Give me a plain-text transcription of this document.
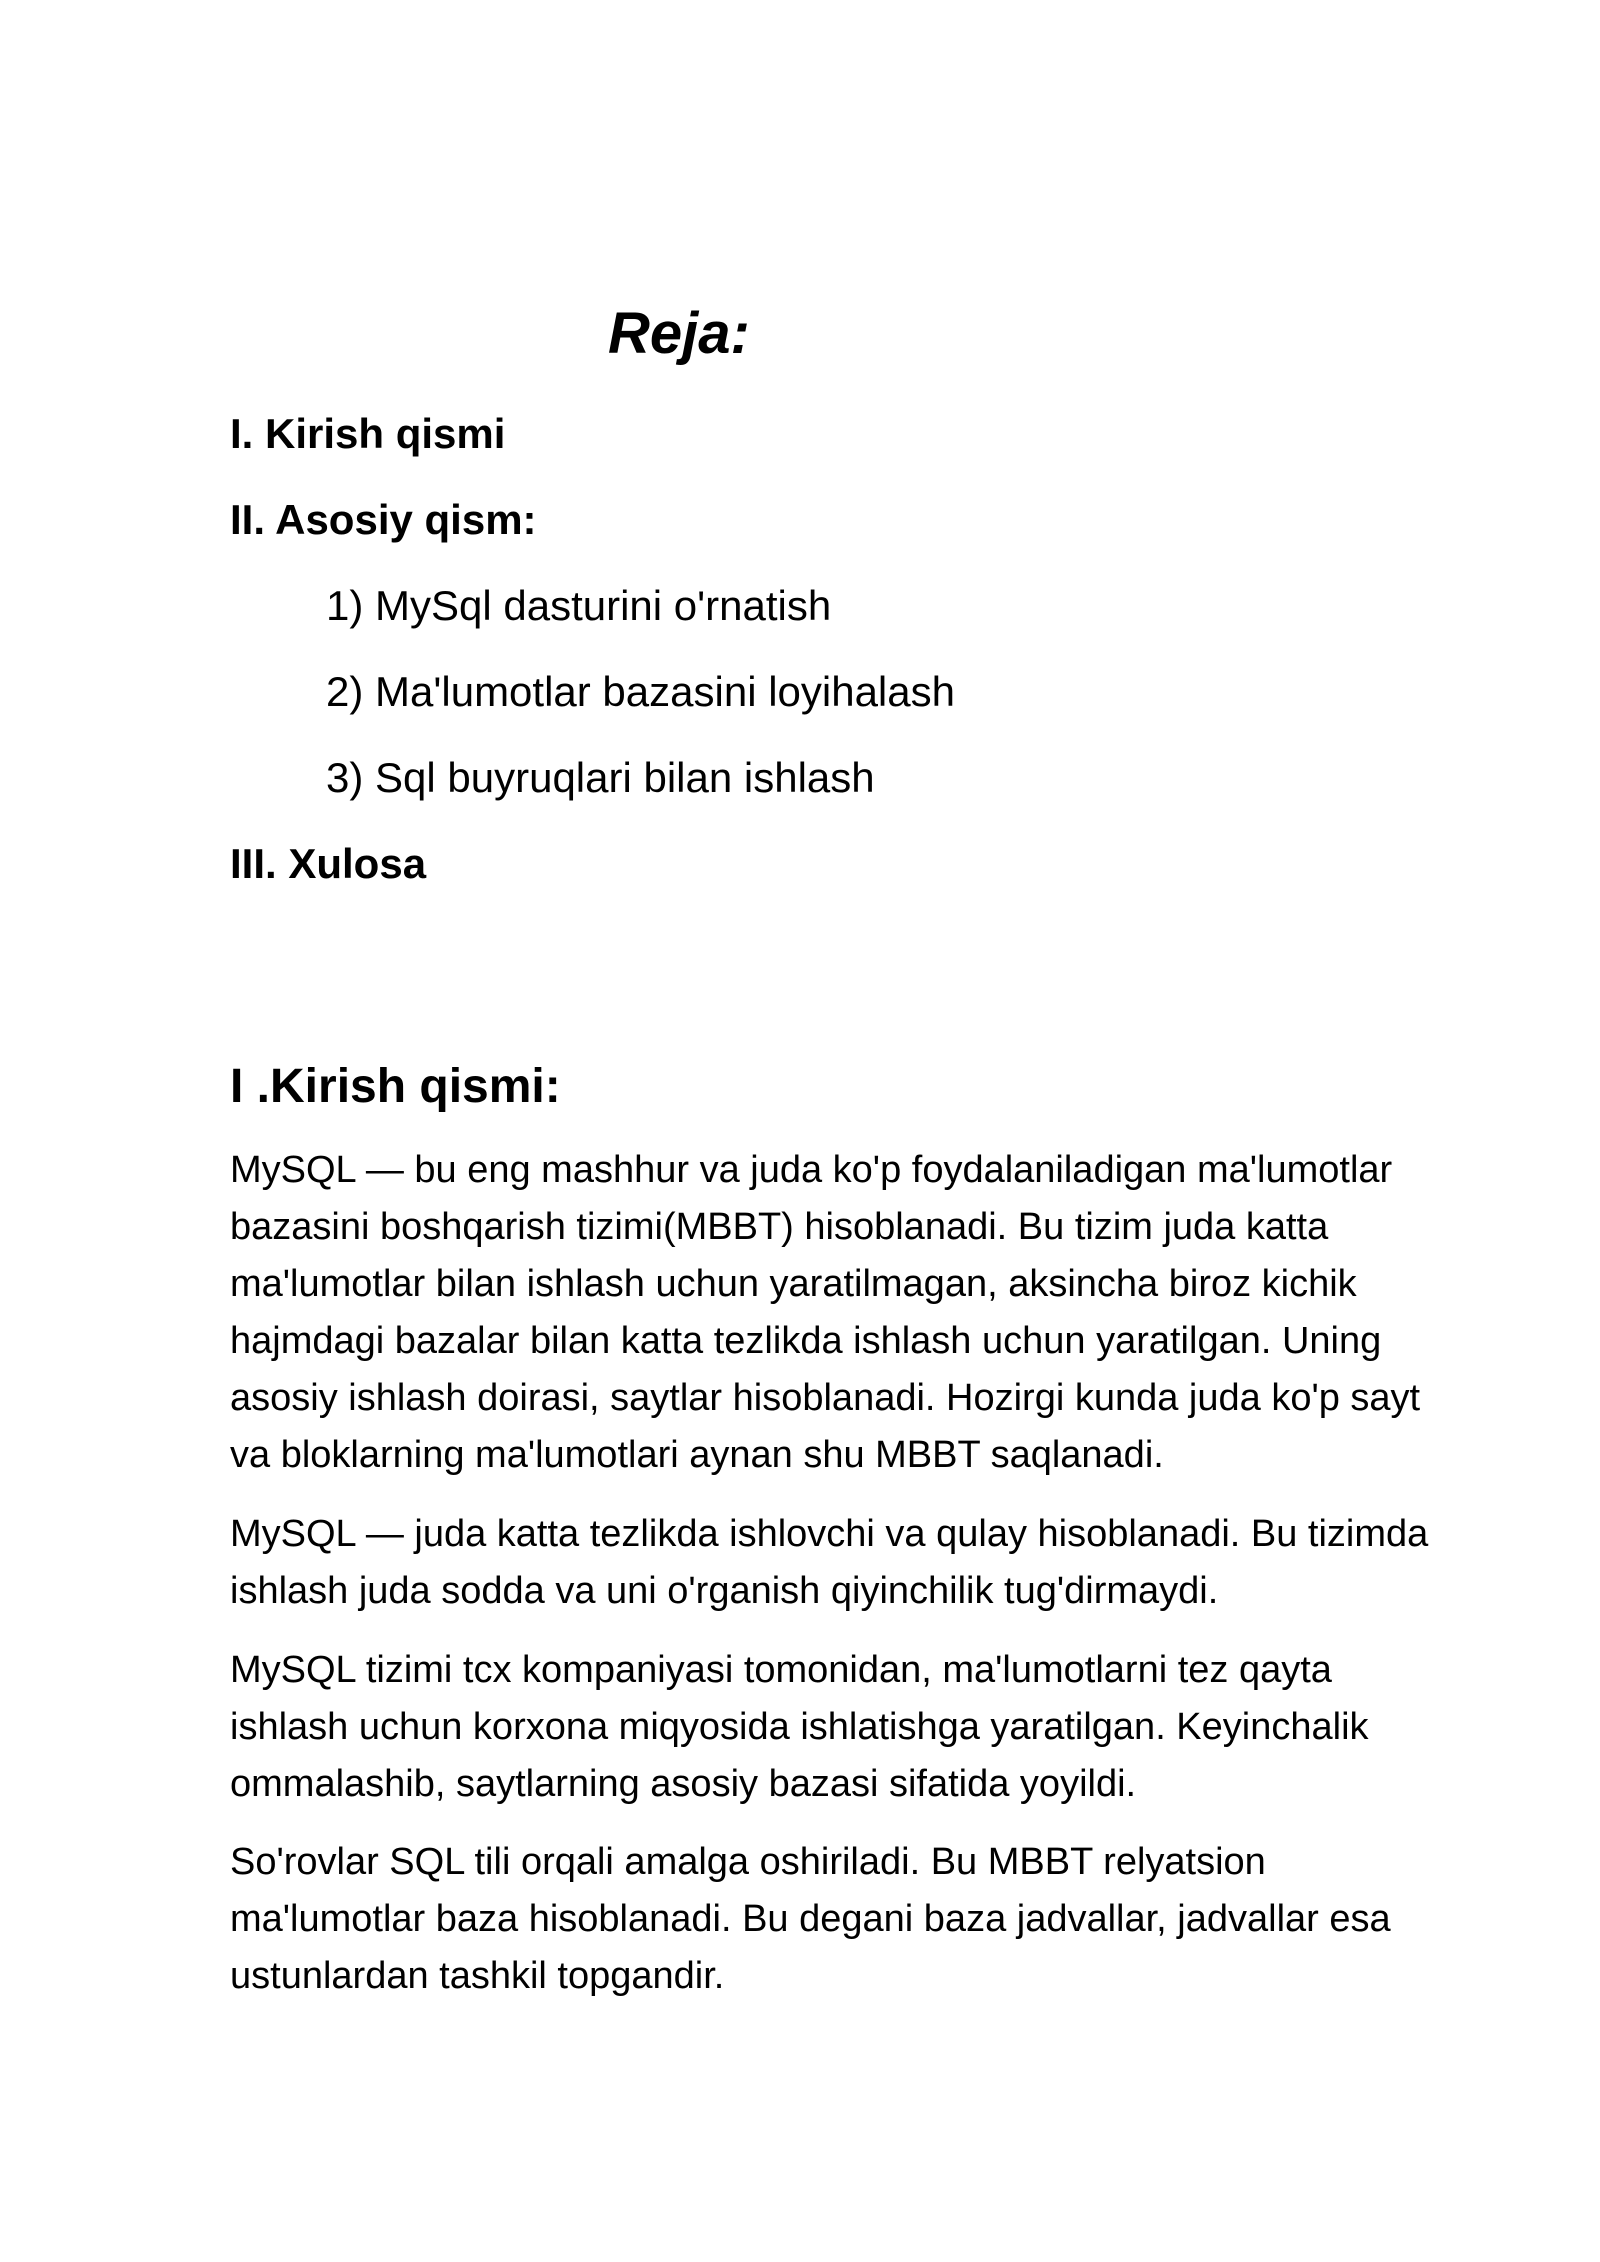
Reja:

I. Kirish qismi

II. Asosiy qism:

1) MySql dasturini o'rnatish

2) Ma'lumotlar bazasini loyihalash

3) Sql buyruqlari bilan ishlash

III. Xulosa

I .Kirish qismi:

MySQL — bu eng mashhur va juda ko'p foydalaniladigan ma'lumotlar
bazasini boshqarish tizimi(MBBT) hisoblanadi. Bu tizim juda katta
ma'lumotlar bilan ishlash uchun yaratilmagan, aksincha biroz kichik
hajmdagi bazalar bilan katta tezlikda ishlash uchun yaratilgan. Uning
asosiy ishlash doirasi, saytlar hisoblanadi. Hozirgi kunda juda ko'p sayt
va bloklarning ma'lumotlari aynan shu MBBT saqlanadi.

MySQL — juda katta tezlikda ishlovchi va qulay hisoblanadi. Bu tizimda
ishlash juda sodda va uni o'rganish qiyinchilik tug'dirmaydi.

MySQL tizimi tcx kompaniyasi tomonidan, ma'lumotlarni tez qayta
ishlash uchun korxona miqyosida ishlatishga yaratilgan. Keyinchalik
ommalashib, saytlarning asosiy bazasi sifatida yoyildi.

So'rovlar SQL tili orqali amalga oshiriladi. Bu MBBT relyatsion
ma'lumotlar baza hisoblanadi. Bu degani baza jadvallar, jadvallar esa
ustunlardan tashkil topgandir.
